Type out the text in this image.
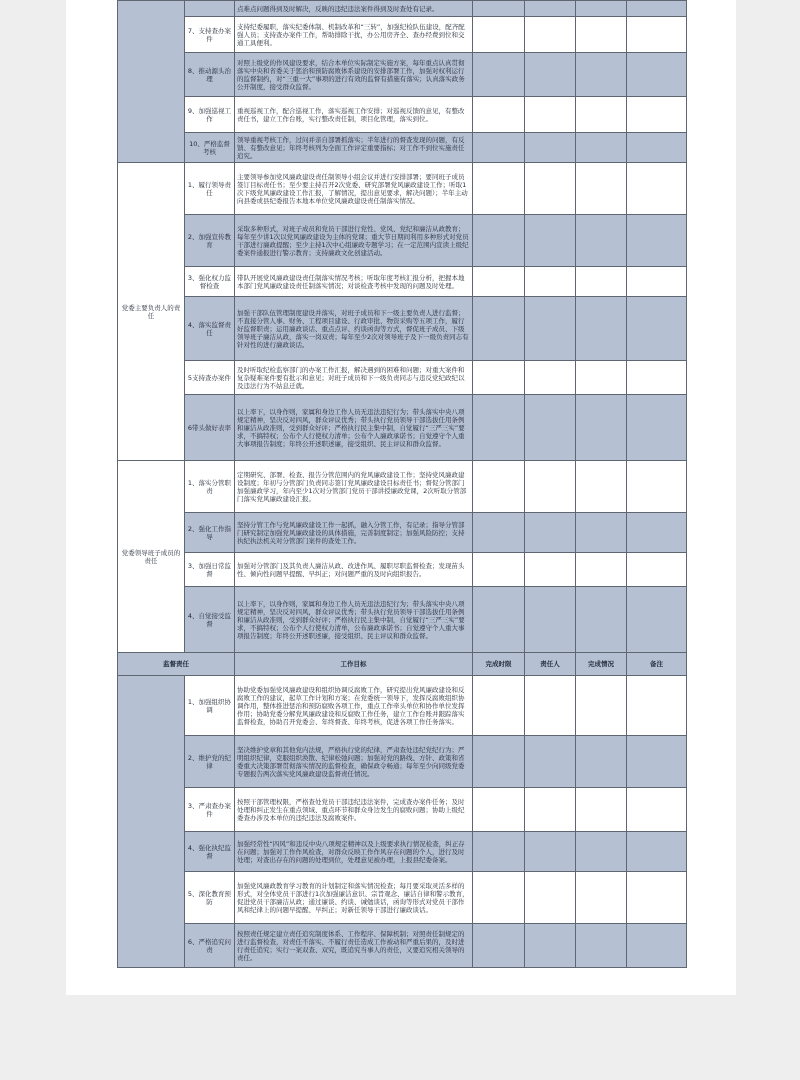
		点难点问题得到及时解决，反映的违纪违法案件得到及时查处有记录。				
	7、支持查办案件	支持纪委履职，落实纪委体制、机制改革和“三转”，加强纪检队伍建设，配齐配强人员；支持查办案件工作，帮助排除干扰，办公用房齐全、查办经费到位和交通工具便利。				
	8、推动源头治理	对照上级党的作风建设要求，结合本单位实际制定实施方案，每年重点认真贯彻落实中央和省委关于惩治和预防腐败体系建设的安排部署工作，加强对权利运行的监督制约，对“三重一大”事项的进行有效的监督有措施有落实；认真落实政务公开制度，接受群众监督。				
	9、加强巡视工作	重视巡视工作，配合巡视工作，落实巡视工作安排；对巡视反馈的意见，有整改责任书，建立工作台账，实行整改责任制，项目化管理，落实到位。				
	10、严格监督考核	领导重视考核工作，过问并亲自部署抓落实；半年进行的督查发现的问题，有反馈、有整改意见；年终考核列为全面工作评定重要指标；对工作不到位实施责任追究。				
党委主要负责人的责任	1、履行领导责任	主要领导参加党风廉政建设责任制领导小组会议并进行安排部署；要同班子成员签订目标责任书；至少要主持召开2次党委、研究部署党风廉政建设工作；听取1次下级党风廉政建设工作汇报，了解情况，提出意见要求，解决问题）；半年主动向县委或县纪委报告本地本单位党风廉政建设责任制落实情况。				
	2、加强宣传教育	采取多种形式，对班子成员和党员干部进行党性、党风、党纪和廉洁从政教育；每年至少讲1次以党风廉政建设为主体的党课；重大节日期间利用多种形式对党员干部进行廉政提醒；至少主持1次中心组廉政专题学习；在一定范围内宣读上级纪委案件通报进行警示教育；支持廉政文化创建活动。				
	3、强化权力监督检查	带队开展党风廉政建设责任制落实情况考核；听取年度考核汇报分析，把握本地本部门党风廉政建设责任制落实情况；对谈检查考核中发现的问题及时处理。				
	4、落实监督责任	加强干部队伍管理制度建设并落实，对班子成员和下一级主要负责人进行监督；不直接分管人事、财务、工程项目建设、行政审批、物资采购等五项工作，履行好监督职责；运用廉政谈话、重点点评、约谈函询等方式，督促班子成员、下级领导班子廉洁从政，落实一岗双责；每年至少2次对领导班子及下一级负责同志有针对性的进行廉政谈话。				
	5支持查办案件	及时听取纪检监察部门的办案工作汇报，解决遇到的困难和问题；对重大案件和复杂疑难案件要有批示和意见；对班子成员和下一级负责同志与违反党纪政纪以及违法行为不姑息迁就。				
	6带头做好表率	以上率下，以身作则，家属和身边工作人员无违法违纪行为；带头落实中央八项规定精神，坚决反对四风，群众评议优秀；带头执行党员领导干部选拔任用条例和廉洁从政准则，受到群众好评；严格执行民主集中制，自觉履行“三严三实”要求，不搞特权；公布个人行使权力清单；公布个人廉政承诺书；自觉遵守个人重大事项报告制度；年终公开述职述廉，接受组织、民主评议和群众监督。				
党委领导班子成员的责任	1、落实分管职责	定期研究、部署、检查、报告分管范围内的党风廉政建设工作；坚持党风廉政建设制度；年初与分管部门负责同志签订党风廉政建设目标责任书；督促分管部门加强廉政学习，年内至少1次对分管部门党员干部讲授廉政党课，2次听取分管部门落实党风廉政建设汇报。				
	2、强化工作指导	坚持分管工作与党风廉政建设工作一起抓，融入分管工作，有记录；指导分管部门研究制定加强党风廉政建设的具体措施，完善制度制定；加强风险防控；支持执纪执法机关对分管部门案件的查处工作。				
	3、加强日常监督	加强对分管部门及其负责人廉洁从政、改进作风、履职尽职监督检查；发现苗头性、倾向性问题早提醒、早纠正；对问题严重的及时向组织报告。				
	4、自觉接受监督	以上率下，以身作则，家属和身边工作人员无违法违纪行为；带头落实中央八项规定精神，坚决反对四风，群众评议优秀；带头执行党员领导干部选拔任用条例和廉洁从政准则，受到群众好评；严格执行民主集中制，自觉履行“三严三实”要求，不搞特权；公布个人行使权力清单，公布廉政承诺书；自觉遵守个人重大事项报告制度；年终公开述职述廉，接受组织、民主评议和群众监督。				
监督责任		工作目标	完成时限	责任人	完成情况	备注
	1、加强组织协调	协助党委加强党风廉政建设和组织协调反腐败工作，研究提出党风廉政建设和反腐败工作的建议，起草工作计划和方案；在党委统一领导下，发挥反腐败组织协调作用，整体推进惩治和预防腐败各项工作，重点工作牵头单位和协作单位发挥作用；协助党委分解党风廉政建设和反腐败工作任务，建立工作台账并跟踪落实监督检查，协助召开党委会、年终督查、年终考核，促进各项工作任务落实。				
	2、维护党的纪律	坚决维护党章和其他党内法规，严格执行党的纪律，严肃查处违纪党纪行为；严明组织纪律，克服组织涣散、纪律松弛问题；加强对党的路线、方针、政策和省委重大决策部署贯彻落实情况的监督检查，确保政令畅通；每年至少向同级党委专题报告两次落实党风廉政建设监督责任情况。				
	3、严肃查办案件	按照干部管理权限，严格查处党员干部违纪违法案件，完成查办案件任务；及时处理和纠正发生在重点领域、重点环节和群众身边发生的腐败问题；协助上级纪委查办涉及本单位的违纪违法及腐败案件。				
	4、强化执纪监督	加强经常性“四风”和违反中央八项规定精神以及上级要求执行情况检查，纠正存在问题；加强对工作作风检查，对群众反映工作作风存在问题的个人，进行及时处理；对查出存在的问题的处理到位，处理意见被办理，上报县纪委备案。				
	5、深化教育预防	加强党风廉政教育学习教育的计划制定和落实情况检查；每月要采取灵活多样的形式，对全体党员干部进行1次加强廉洁意识、宗旨观念、廉洁自律和警示教育，促进党员干部廉洁从政；通过廉谈、约谈、诫勉谈话，函询等形式对党员干部作风和纪律上的问题早提醒、早纠正；对新任领导干部进行廉政谈话。				
	6、严格追究问责	按照责任规定建立责任追究制度体系、工作程序、保障机制；对照责任制规定的进行监督检查，对责任不落实、不履行责任造成工作被动和严重后果的，及时进行责任追究；实行一案双查、双究，既追究当事人的责任，又要追究相关领导的责任。				
